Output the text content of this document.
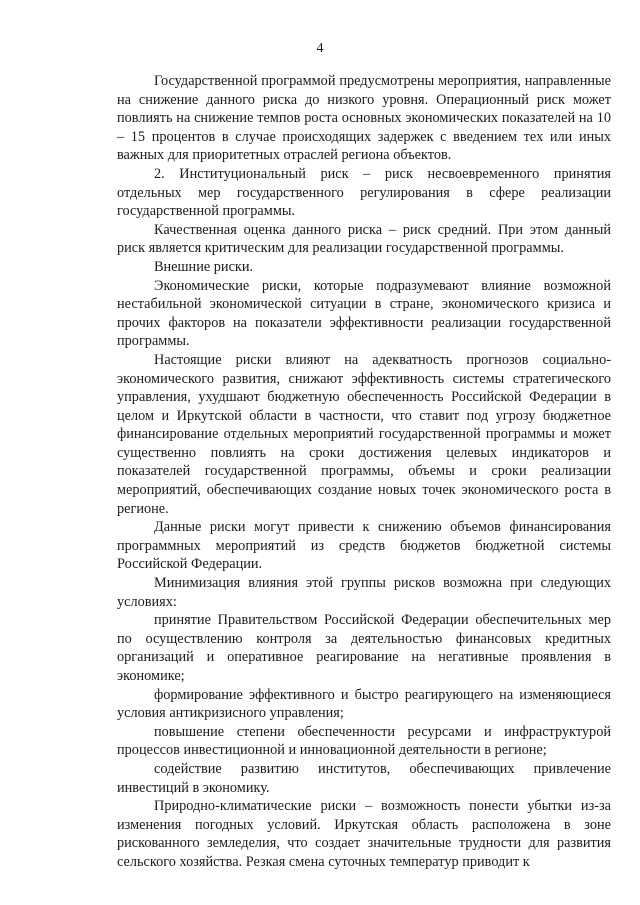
4

Государственной программой предусмотрены мероприятия, направленные на снижение данного риска до низкого уровня. Операционный риск может повлиять на снижение темпов роста основных экономических показателей на 10 – 15 процентов в случае происходящих задержек с введением тех или иных важных для приоритетных отраслей региона объектов.

2. Институциональный риск – риск несвоевременного принятия отдельных мер государственного регулирования в сфере реализации государственной программы.

Качественная оценка данного риска – риск средний. При этом данный риск является критическим для реализации государственной программы.

Внешние риски.

Экономические риски, которые подразумевают влияние возможной нестабильной экономической ситуации в стране, экономического кризиса и прочих факторов на показатели эффективности реализации государственной программы.

Настоящие риски влияют на адекватность прогнозов социально-экономического развития, снижают эффективность системы стратегического управления, ухудшают бюджетную обеспеченность Российской Федерации в целом и Иркутской области в частности, что ставит под угрозу бюджетное финансирование отдельных мероприятий государственной программы и может существенно повлиять на сроки достижения целевых индикаторов и показателей государственной программы, объемы и сроки реализации мероприятий, обеспечивающих создание новых точек экономического роста в регионе.

Данные риски могут привести к снижению объемов финансирования программных мероприятий из средств бюджетов бюджетной системы Российской Федерации.

Минимизация влияния этой группы рисков возможна при следующих условиях:

принятие Правительством Российской Федерации обеспечительных мер по осуществлению контроля за деятельностью финансовых кредитных организаций и оперативное реагирование на негативные проявления в экономике;

формирование эффективного и быстро реагирующего на изменяющиеся условия антикризисного управления;

повышение степени обеспеченности ресурсами и инфраструктурой процессов инвестиционной и инновационной деятельности в регионе;

содействие развитию институтов, обеспечивающих привлечение инвестиций в экономику.

Природно-климатические риски – возможность понести убытки из-за изменения погодных условий. Иркутская область расположена в зоне рискованного земледелия, что создает значительные трудности для развития сельского хозяйства. Резкая смена суточных температур приводит к
